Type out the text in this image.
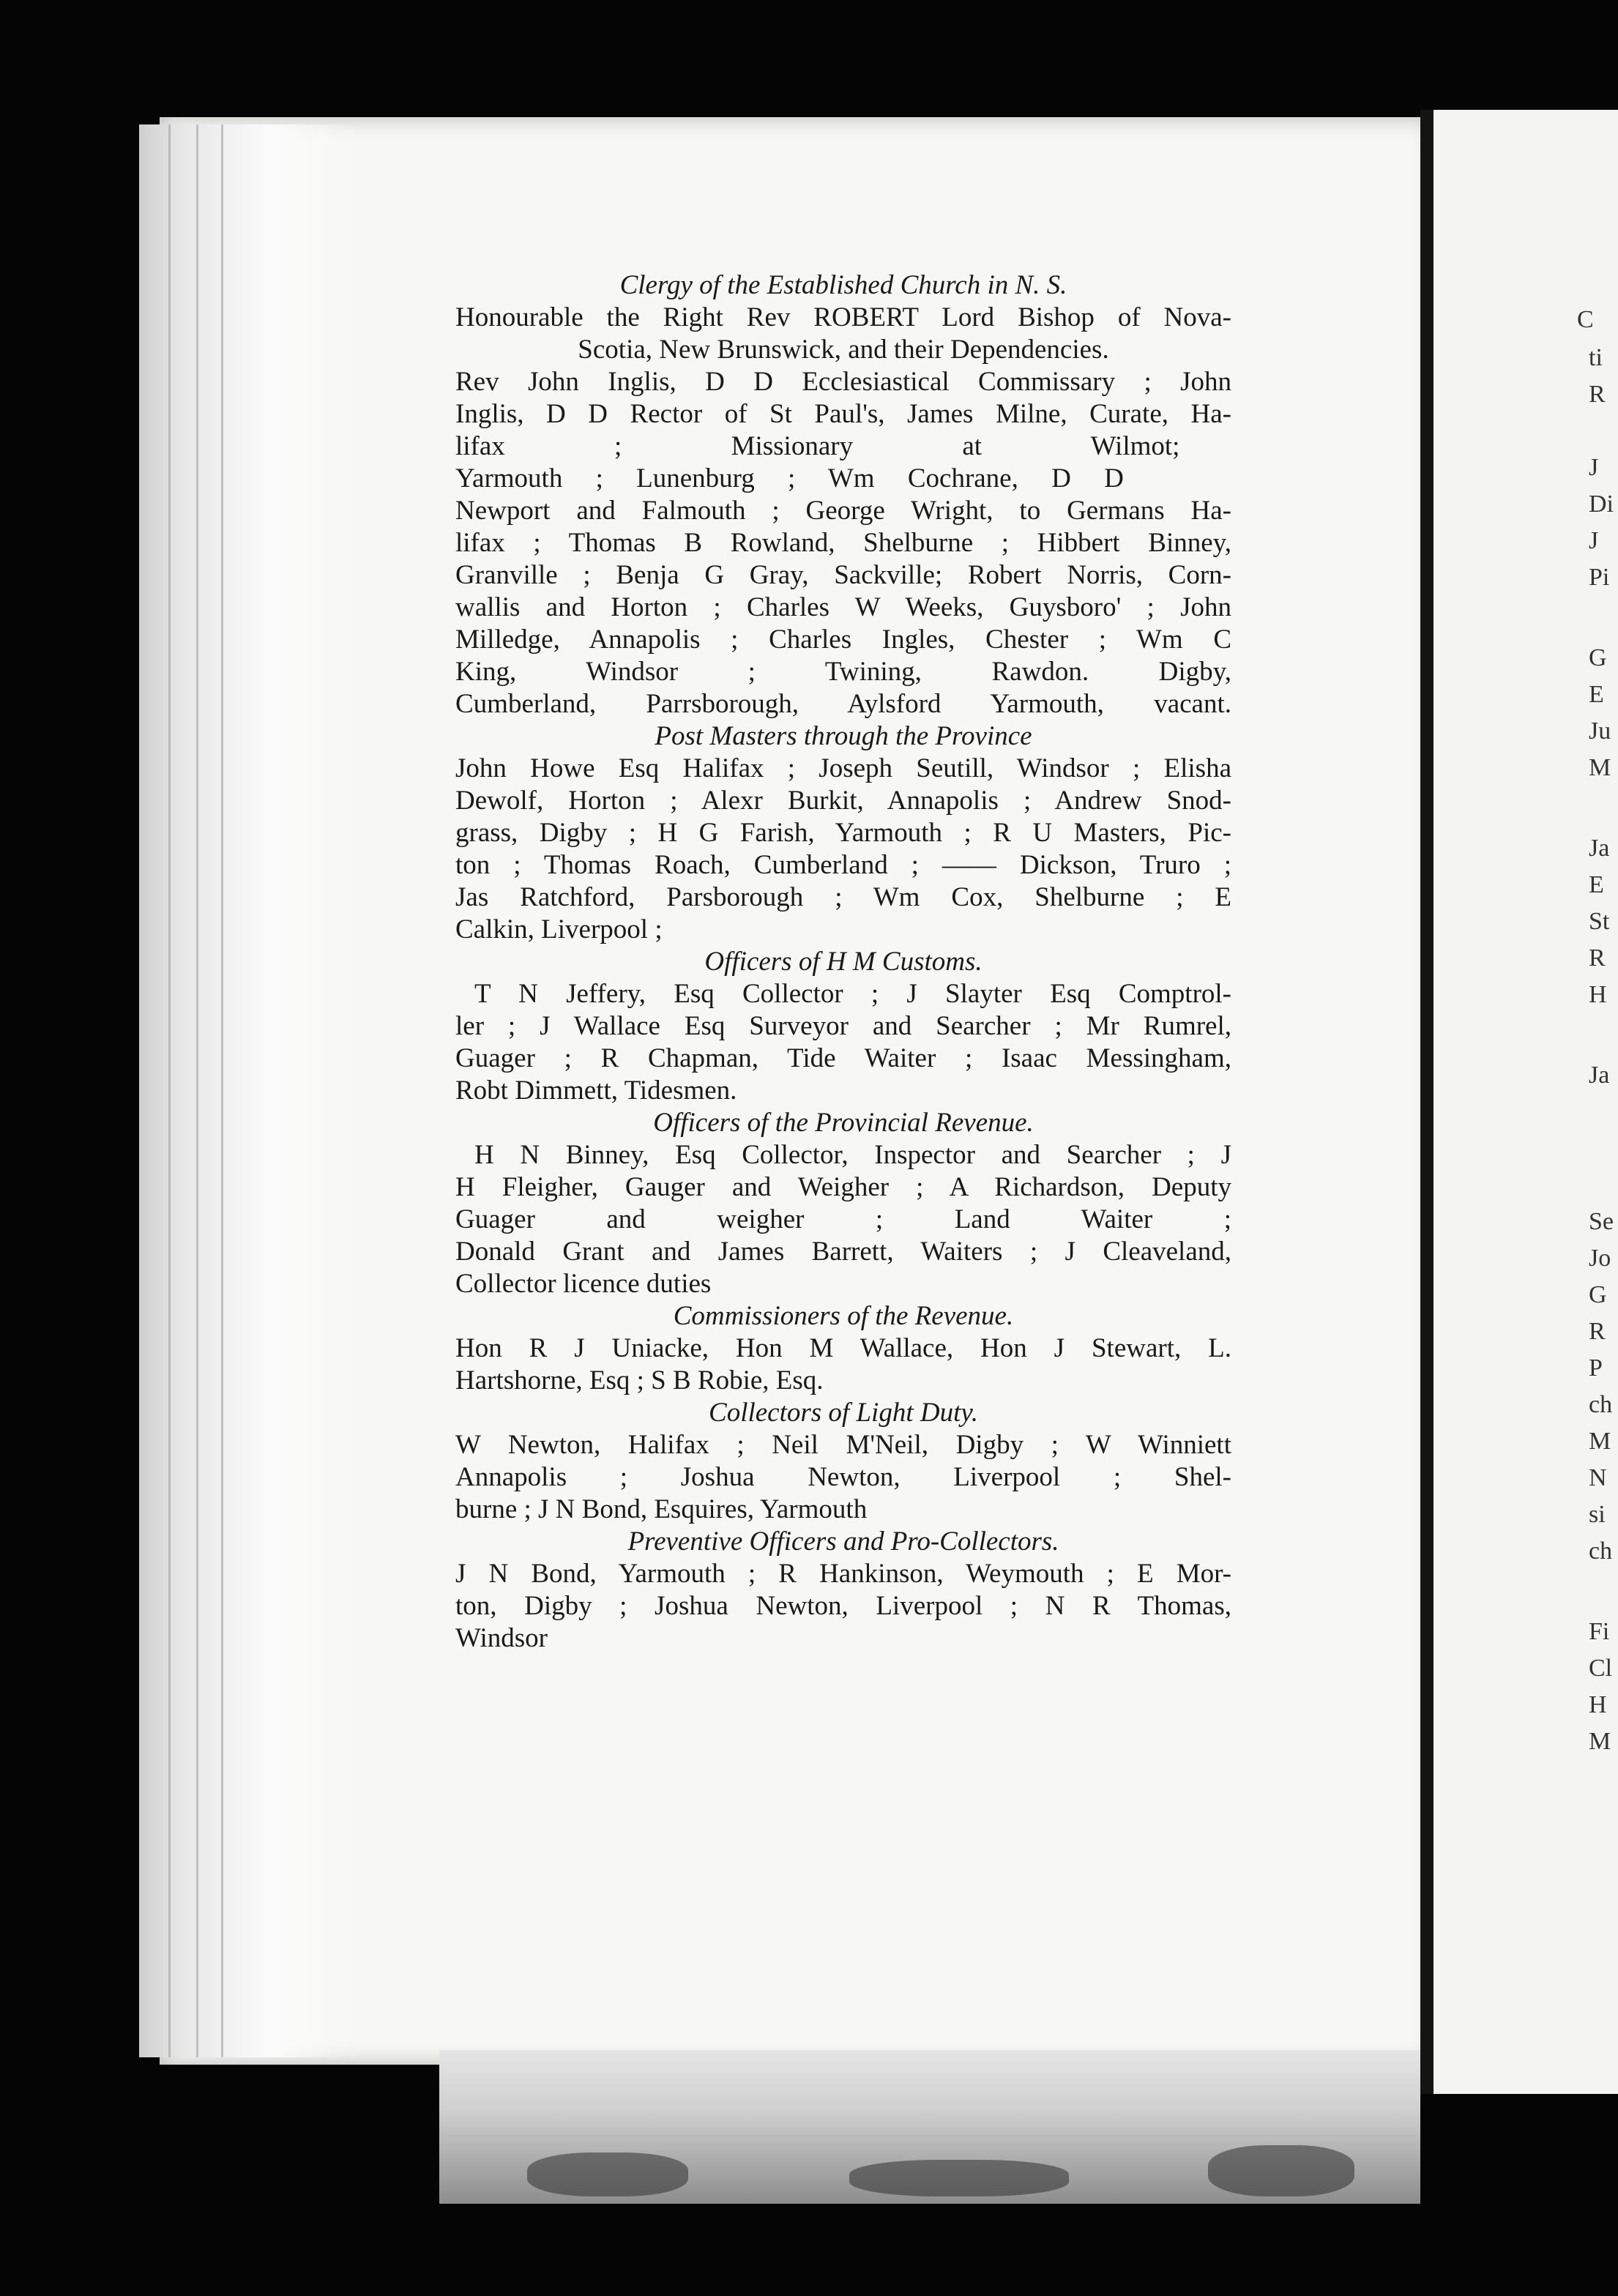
C
ti
R
J
Di
J
Pi
G
E
Ju
M
Ja
E
St
R
H
Ja
Se
Jo
G
R
P
ch
M
N
si
ch
Fi
Cl
H
M
Clergy of the Established Church in N. S.
Honourable the Right Rev ROBERT Lord Bishop of Nova-
Scotia, New Brunswick, and their Dependencies.
Rev John Inglis, D D Ecclesiastical Commissary ; John
Inglis, D D Rector of St Paul's, James Milne, Curate, Ha-
lifax ; Missionary at Wilmot;
Yarmouth ; Lunenburg ; Wm Cochrane, D D
Newport and Falmouth ; George Wright, to Germans Ha-
lifax ; Thomas B Rowland, Shelburne ; Hibbert Binney,
Granville ; Benja G Gray, Sackville; Robert Norris, Corn-
wallis and Horton ; Charles W Weeks, Guysboro' ; John
Milledge, Annapolis ; Charles Ingles, Chester ; Wm C
King, Windsor ; Twining, Rawdon. Digby,
Cumberland, Parrsborough, Aylsford Yarmouth, vacant.
Post Masters through the Province
John Howe Esq Halifax ; Joseph Seutill, Windsor ; Elisha
Dewolf, Horton ; Alexr Burkit, Annapolis ; Andrew Snod-
grass, Digby ; H G Farish, Yarmouth ; R U Masters, Pic-
ton ; Thomas Roach, Cumberland ; —— Dickson, Truro ;
Jas Ratchford, Parsborough ; Wm Cox, Shelburne ; E
Calkin, Liverpool ;
Officers of H M Customs.
T N Jeffery, Esq Collector ; J Slayter Esq Comptrol-
ler ; J Wallace Esq Surveyor and Searcher ; Mr Rumrel,
Guager ; R Chapman, Tide Waiter ; Isaac Messingham,
Robt Dimmett, Tidesmen.
Officers of the Provincial Revenue.
H N Binney, Esq Collector, Inspector and Searcher ; J
H Fleigher, Gauger and Weigher ; A Richardson, Deputy
Guager and weigher ; Land Waiter ;
Donald Grant and James Barrett, Waiters ; J Cleaveland,
Collector licence duties
Commissioners of the Revenue.
Hon R J Uniacke, Hon M Wallace, Hon J Stewart, L.
Hartshorne, Esq ; S B Robie, Esq.
Collectors of Light Duty.
W Newton, Halifax ; Neil M'Neil, Digby ; W Winniett
Annapolis ; Joshua Newton, Liverpool ; Shel-
burne ; J N Bond, Esquires, Yarmouth
Preventive Officers and Pro-Collectors.
J N Bond, Yarmouth ; R Hankinson, Weymouth ; E Mor-
ton, Digby ; Joshua Newton, Liverpool ; N R Thomas,
Windsor
